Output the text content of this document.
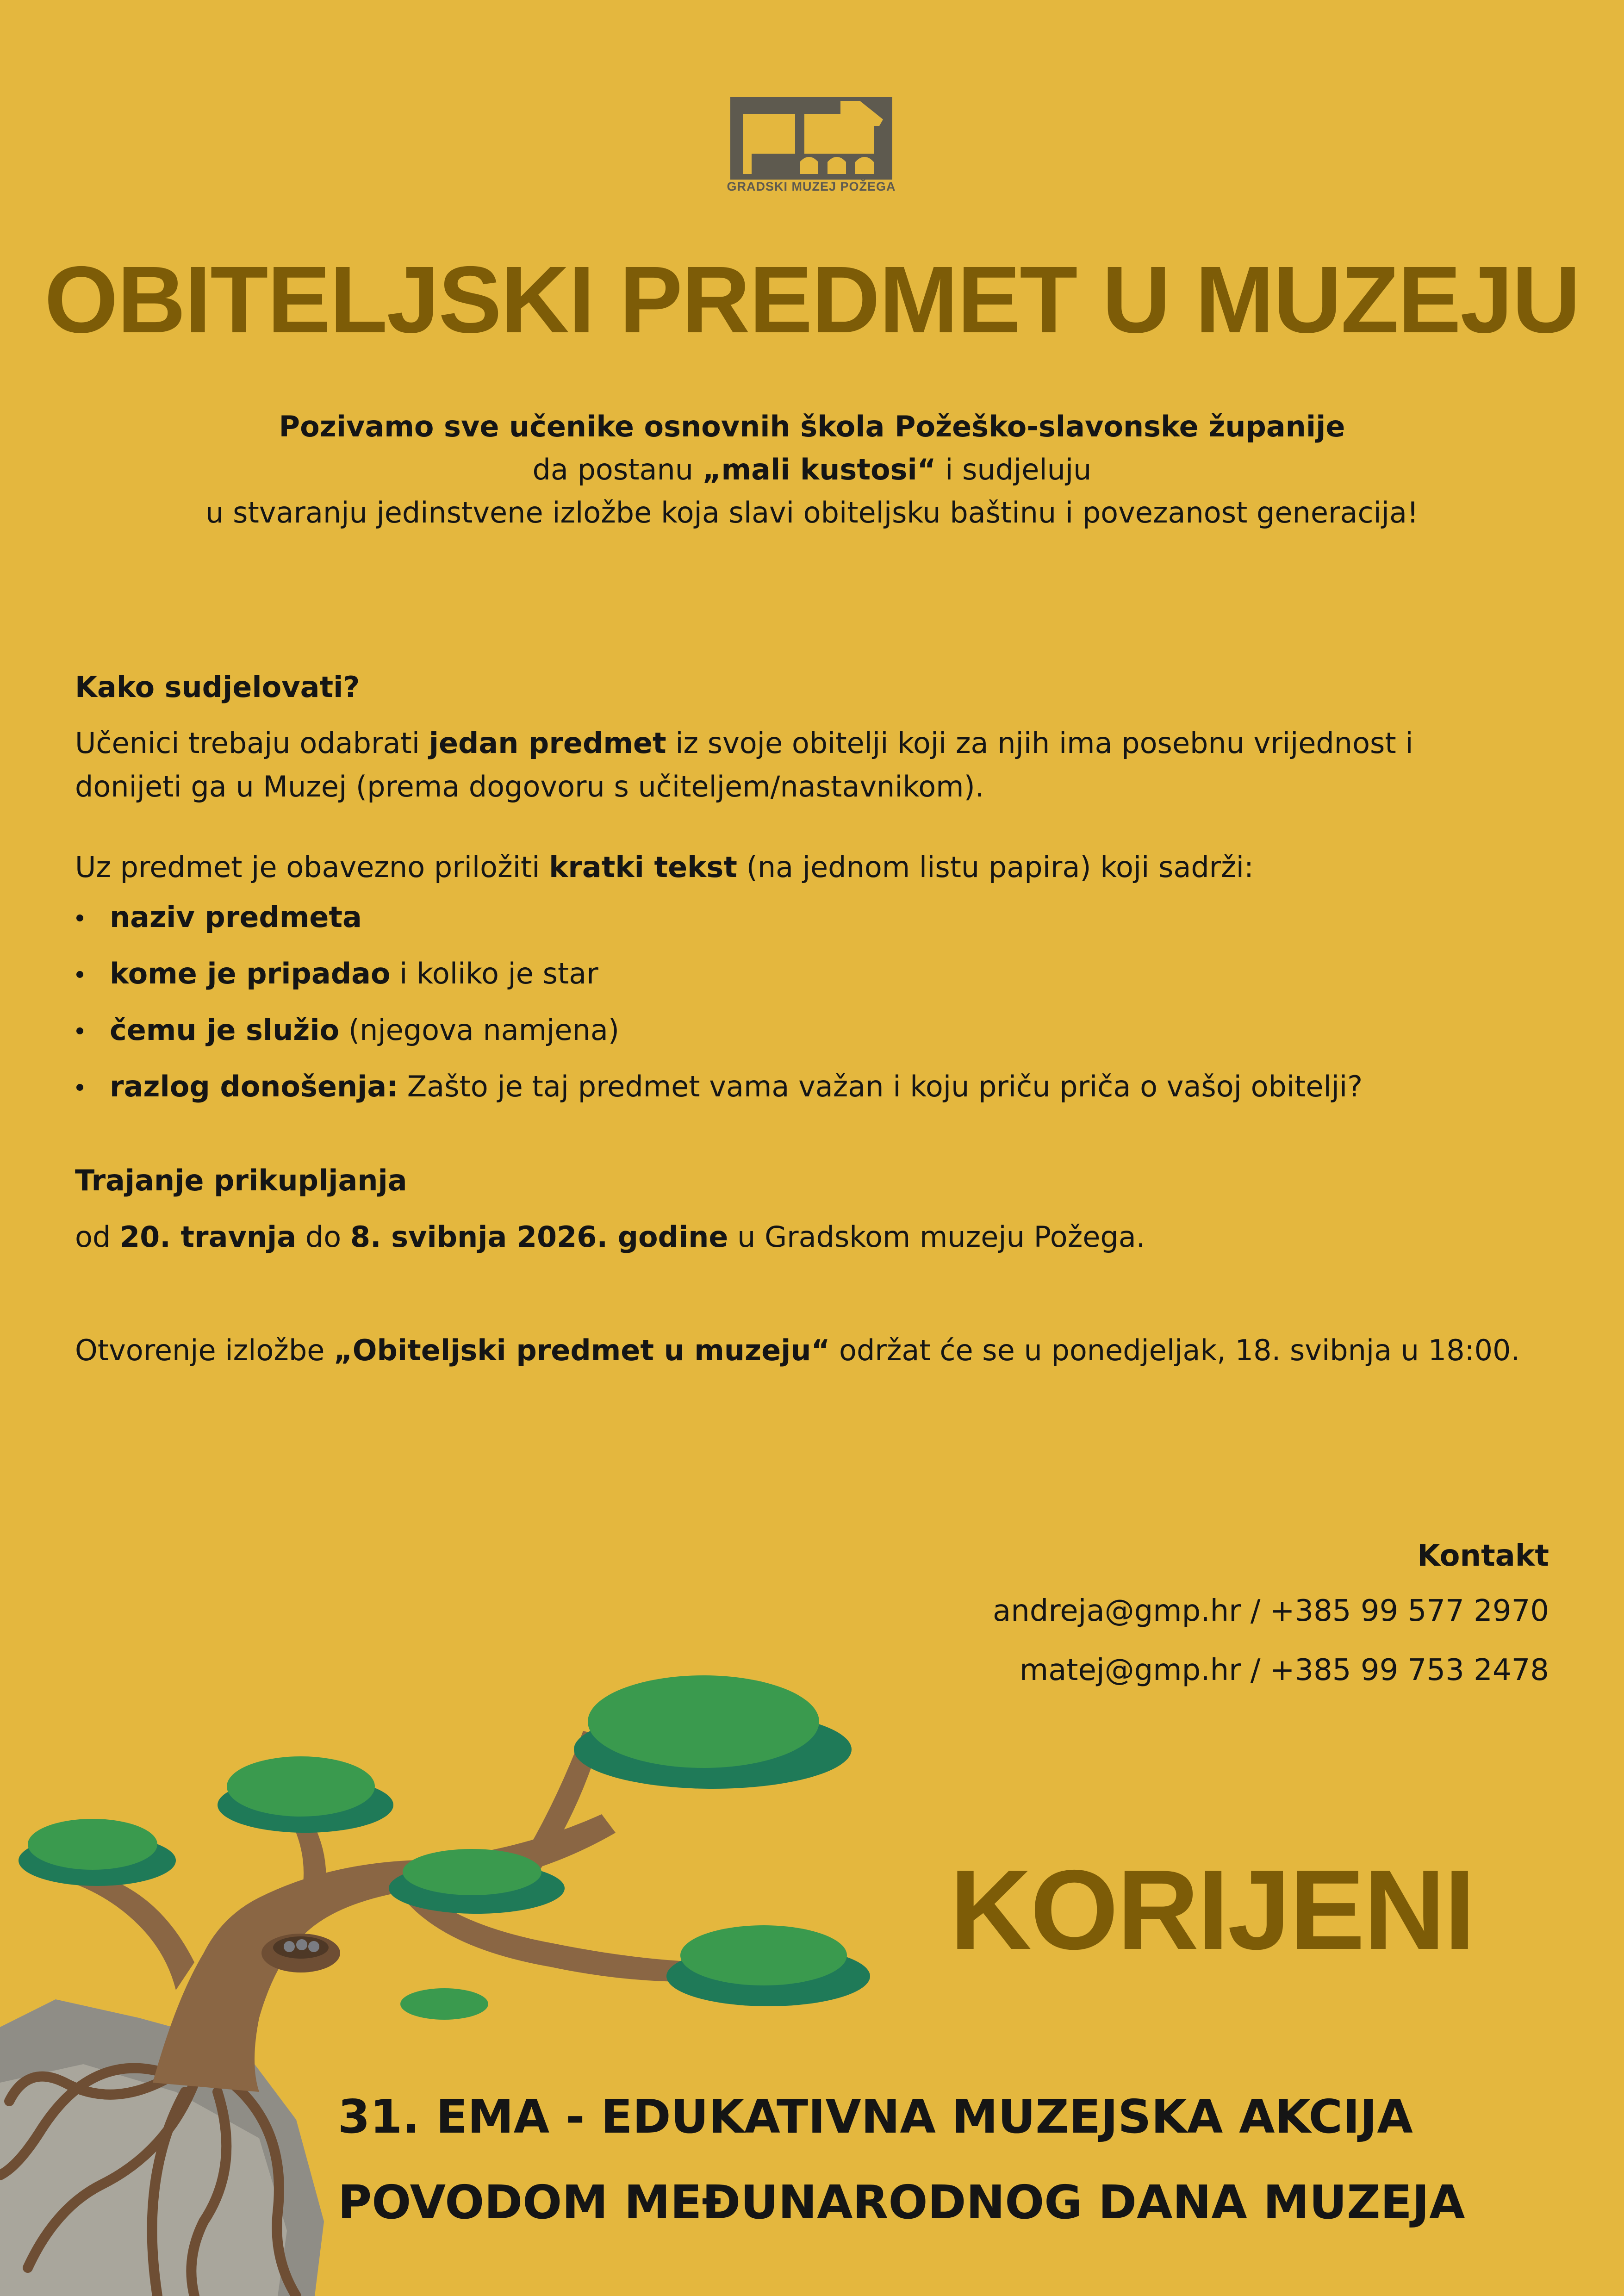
GRADSKI MUZEJ POŽEGA
OBITELJSKI PREDMET U MUZEJU
Pozivamo sve učenike osnovnih škola Požeško-slavonske županije
da postanu „mali kustosi“ i sudjeluju
u stvaranju jedinstvene izložbe koja slavi obiteljsku baštinu i povezanost generacija!
Kako sudjelovati?
Učenici trebaju odabrati jedan predmet iz svoje obitelji koji za njih ima posebnu vrijednost i
donijeti ga u Muzej (prema dogovoru s učiteljem/nastavnikom).
Uz predmet je obavezno priložiti kratki tekst (na jednom listu papira) koji sadrži:
naziv predmeta
kome je pripadao i koliko je star
čemu je služio (njegova namjena)
razlog donošenja: Zašto je taj predmet vama važan i koju priču priča o vašoj obitelji?
Trajanje prikupljanja
od 20. travnja do 8. svibnja 2026. godine u Gradskom muzeju Požega.
Otvorenje izložbe „Obiteljski predmet u muzeju“ održat će se u ponedjeljak, 18. svibnja u 18:00.
Kontakt
andreja@gmp.hr / +385 99 577 2970
matej@gmp.hr / +385 99 753 2478
KORIJENI
31. EMA - EDUKATIVNA MUZEJSKA AKCIJA
POVODOM MEĐUNARODNOG DANA MUZEJA
